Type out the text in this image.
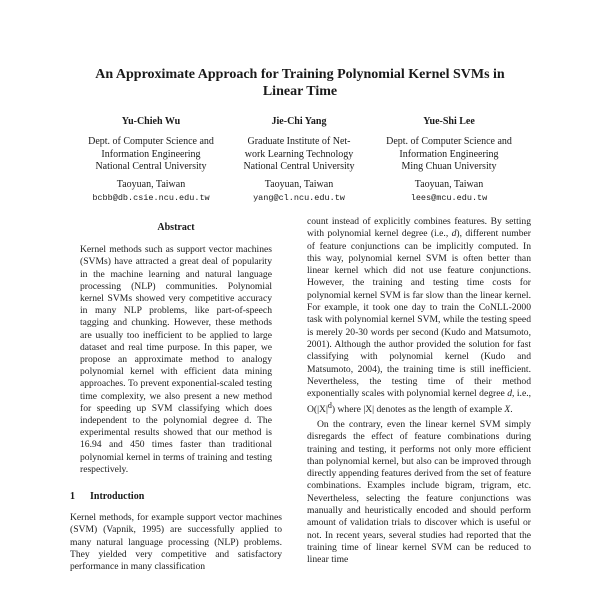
An Approximate Approach for Training Polynomial Kernel SVMs in
Linear Time
Yu-Chieh Wu
Dept. of Computer Science and
Information Engineering
National Central University
Taoyuan, Taiwan
bcbb@db.csie.ncu.edu.tw
Jie-Chi Yang
Graduate Institute of Net-
work Learning Technology
National Central University
Taoyuan, Taiwan
yang@cl.ncu.edu.tw
Yue-Shi Lee
Dept. of Computer Science and
Information Engineering
Ming Chuan University
Taoyuan, Taiwan
lees@mcu.edu.tw
Abstract
Kernel methods such as support vector machines (SVMs) have attracted a great deal of popularity in the machine learning and natural language processing (NLP) communities. Polynomial kernel SVMs showed very competitive accuracy in many NLP problems, like part-of-speech tagging and chunking. However, these methods are usually too inefficient to be applied to large dataset and real time purpose. In this paper, we propose an approximate method to analogy polynomial kernel with efficient data mining approaches. To prevent exponential-scaled testing time complexity, we also present a new method for speeding up SVM classifying which does independent to the polynomial degree d. The experimental results showed that our method is 16.94 and 450 times faster than traditional polynomial kernel in terms of training and testing respectively.
1 Introduction
Kernel methods, for example support vector machines (SVM) (Vapnik, 1995) are successfully applied to many natural language processing (NLP) problems. They yielded very competitive and satisfactory performance in many classification

count instead of explicitly combines features. By setting with polynomial kernel degree (i.e., d), different number of feature conjunctions can be implicitly computed. In this way, polynomial kernel SVM is often better than linear kernel which did not use feature conjunctions. However, the training and testing time costs for polynomial kernel SVM is far slow than the linear kernel. For example, it took one day to train the CoNLL-2000 task with polynomial kernel SVM, while the testing speed is merely 20-30 words per second (Kudo and Matsumoto, 2001). Although the author provided the solution for fast classifying with polynomial kernel (Kudo and Matsumoto, 2004), the training time is still inefficient. Nevertheless, the testing time of their method exponentially scales with polynomial kernel degree d, i.e., $O(|X|^d)$ where |X| denotes as the length of example X.

On the contrary, even the linear kernel SVM simply disregards the effect of feature combinations during training and testing, it performs not only more efficient than polynomial kernel, but also can be improved through directly appending features derived from the set of feature combinations. Examples include bigram, trigram, etc. Nevertheless, selecting the feature conjunctions was manually and heuristically encoded and should perform amount of validation trials to discover which is useful or not. In recent years, several studies had reported that the training time of linear kernel SVM can be reduced to linear time
